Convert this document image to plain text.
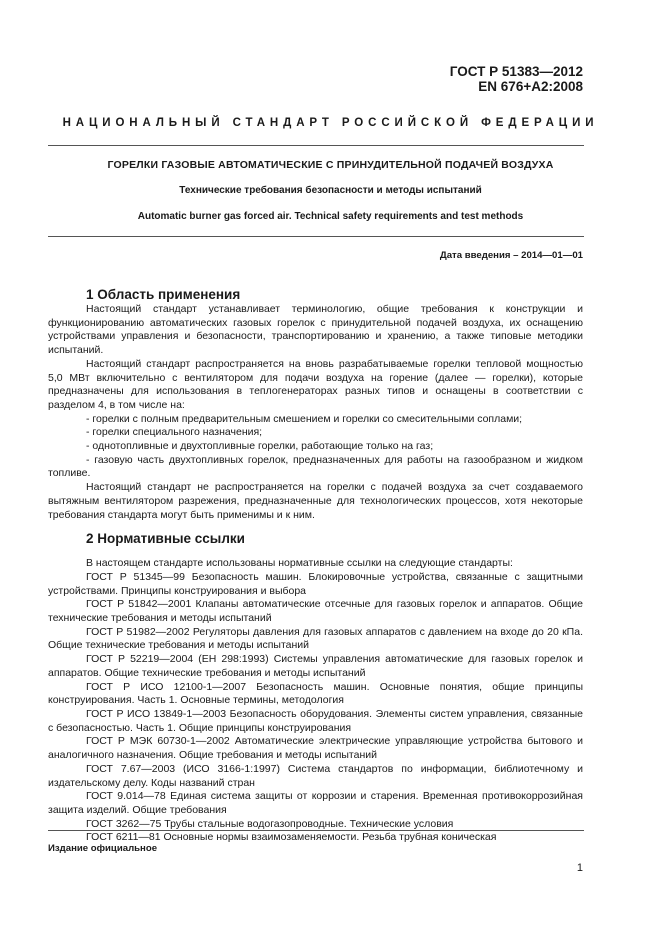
ГОСТ Р 51383—2012
EN 676+A2:2008
НАЦИОНАЛЬНЫЙ СТАНДАРТ РОССИЙСКОЙ ФЕДЕРАЦИИ
ГОРЕЛКИ ГАЗОВЫЕ АВТОМАТИЧЕСКИЕ С ПРИНУДИТЕЛЬНОЙ ПОДАЧЕЙ ВОЗДУХА
Технические требования безопасности и методы испытаний
Automatic burner gas forced air. Technical safety requirements and test methods
Дата введения – 2014—01—01
1 Область применения

Настоящий стандарт устанавливает терминологию, общие требования к конструкции и функционированию автоматических газовых горелок с принудительной подачей воздуха, их оснащению устройствами управления и безопасности, транспортированию и хранению, а также типовые методики испытаний.

Настоящий стандарт распространяется на вновь разрабатываемые горелки тепловой мощностью 5,0 МВт включительно с вентилятором для подачи воздуха на горение (далее — горелки), которые предназначены для использования в теплогенераторах разных типов и оснащены в соответствии с разделом 4, в том числе на:

- горелки с полным предварительным смешением и горелки со смесительными соплами;

- горелки специального назначения;

- однотопливные и двухтопливные горелки, работающие только на газ;

- газовую часть двухтопливных горелок, предназначенных для работы на газообразном и жидком топливе.

Настоящий стандарт не распространяется на горелки с подачей воздуха за счет создаваемого вытяжным вентилятором разрежения, предназначенные для технологических процессов, хотя некоторые требования стандарта могут быть применимы и к ним.

2 Нормативные ссылки

В настоящем стандарте использованы нормативные ссылки на следующие стандарты:

ГОСТ Р 51345—99 Безопасность машин. Блокировочные устройства, связанные с защитными устройствами. Принципы конструирования и выбора

ГОСТ Р 51842—2001 Клапаны автоматические отсечные для газовых горелок и аппаратов. Общие технические требования и методы испытаний

ГОСТ Р 51982—2002 Регуляторы давления для газовых аппаратов с давлением на входе до 20 кПа. Общие технические требования и методы испытаний

ГОСТ Р 52219—2004 (ЕН 298:1993) Системы управления автоматические для газовых горелок и аппаратов. Общие технические требования и методы испытаний

ГОСТ Р ИСО 12100-1—2007 Безопасность машин. Основные понятия, общие принципы конструирования. Часть 1. Основные термины, методология

ГОСТ Р ИСО 13849-1—2003 Безопасность оборудования. Элементы систем управления, связанные с безопасностью. Часть 1. Общие принципы конструирования

ГОСТ Р МЭК 60730-1—2002 Автоматические электрические управляющие устройства бытового и аналогичного назначения. Общие требования и методы испытаний

ГОСТ 7.67—2003 (ИСО 3166-1:1997) Система стандартов по информации, библиотечному и издательскому делу. Коды названий стран

ГОСТ 9.014—78 Единая система защиты от коррозии и старения. Временная противокоррозийная защита изделий. Общие требования

ГОСТ 3262—75 Трубы стальные водогазопроводные. Технические условия

ГОСТ 6211—81 Основные нормы взаимозаменяемости. Резьба трубная коническая

Издание официальное
1
